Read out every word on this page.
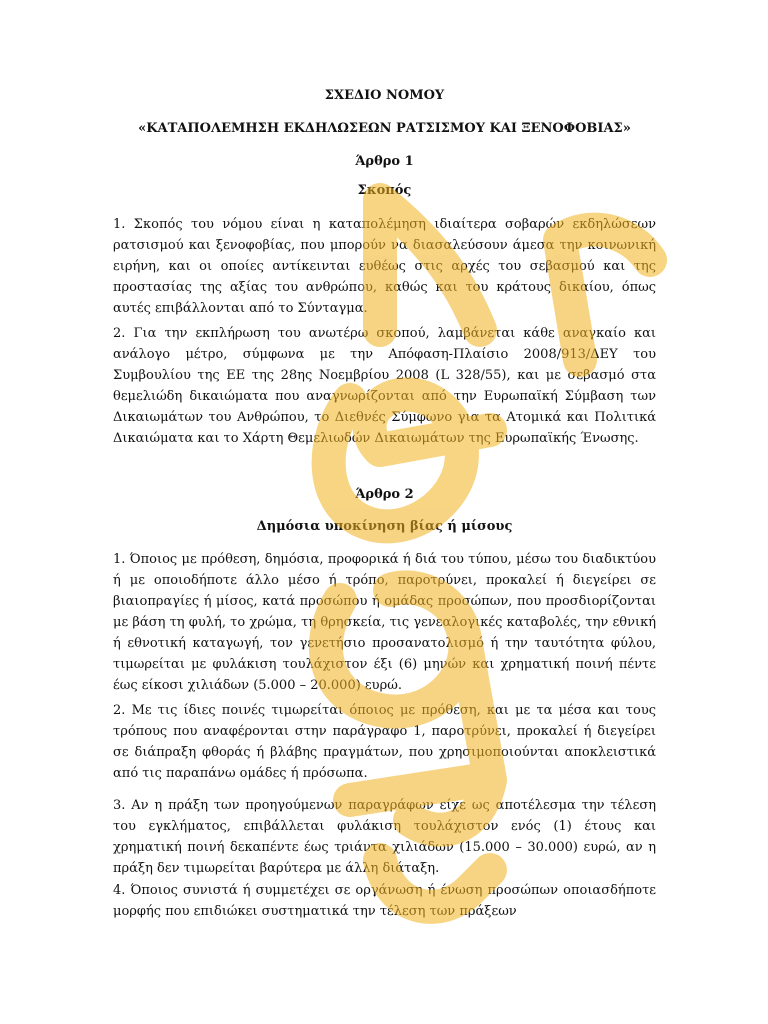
ΣΧΕΔΙΟ ΝΟΜΟΥ
«ΚΑΤΑΠΟΛΕΜΗΣΗ ΕΚΔΗΛΩΣΕΩΝ ΡΑΤΣΙΣΜΟΥ ΚΑΙ ΞΕΝΟΦΟΒΙΑΣ»
Άρθρο 1
Σκοπός
1. Σκοπός του νόμου είναι η καταπολέμηση ιδιαίτερα σοβαρών εκδηλώσεων ρατσισμού και ξενοφοβίας, που μπορούν να διασαλεύσουν άμεσα την κοινωνική ειρήνη, και οι οποίες αντίκεινται ευθέως στις αρχές του σεβασμού και της προστασίας της αξίας του ανθρώπου, καθώς και του κράτους δικαίου, όπως αυτές επιβάλλονται από το Σύνταγμα.
2. Για την εκπλήρωση του ανωτέρω σκοπού, λαμβάνεται κάθε αναγκαίο και ανάλογο μέτρο, σύμφωνα με την Απόφαση-Πλαίσιο 2008/913/ΔΕΥ του Συμβουλίου της ΕΕ της 28ης Νοεμβρίου 2008 (L 328/55), και με σεβασμό στα θεμελιώδη δικαιώματα που αναγνωρίζονται από την Ευρωπαϊκή Σύμβαση των Δικαιωμάτων του Ανθρώπου, το Διεθνές Σύμφωνο για τα Ατομικά και Πολιτικά Δικαιώματα και το Χάρτη Θεμελιωδών Δικαιωμάτων της Ευρωπαϊκής Ένωσης.
Άρθρο 2
Δημόσια υποκίνηση βίας ή μίσους
1. Όποιος με πρόθεση, δημόσια, προφορικά ή διά του τύπου, μέσω του διαδικτύου ή με οποιοδήποτε άλλο μέσο ή τρόπο, παροτρύνει, προκαλεί ή διεγείρει σε βιαιοπραγίες ή μίσος, κατά προσώπου ή ομάδας προσώπων, που προσδιορίζονται με βάση τη φυλή, το χρώμα, τη θρησκεία, τις γενεαλογικές καταβολές, την εθνική ή εθνοτική καταγωγή, τον γενετήσιο προσανατολισμό ή την ταυτότητα φύλου, τιμωρείται με φυλάκιση τουλάχιστον έξι (6) μηνών και χρηματική ποινή πέντε έως είκοσι χιλιάδων (5.000 – 20.000) ευρώ.
2. Με τις ίδιες ποινές τιμωρείται όποιος με πρόθεση, και με τα μέσα και τους τρόπους που αναφέρονται στην παράγραφο 1, παροτρύνει, προκαλεί ή διεγείρει σε διάπραξη φθοράς ή βλάβης πραγμάτων, που χρησιμοποιούνται αποκλειστικά από τις παραπάνω ομάδες ή πρόσωπα.
3. Αν η πράξη των προηγούμενων παραγράφων είχε ως αποτέλεσμα την τέλεση του εγκλήματος, επιβάλλεται φυλάκιση τουλάχιστον ενός (1) έτους και χρηματική ποινή δεκαπέντε έως τριάντα χιλιάδων (15.000 – 30.000) ευρώ, αν η πράξη δεν τιμωρείται βαρύτερα με άλλη διάταξη.
4. Όποιος συνιστά ή συμμετέχει σε οργάνωση ή ένωση προσώπων οποιασδήποτε μορφής που επιδιώκει συστηματικά την τέλεση των πράξεων
